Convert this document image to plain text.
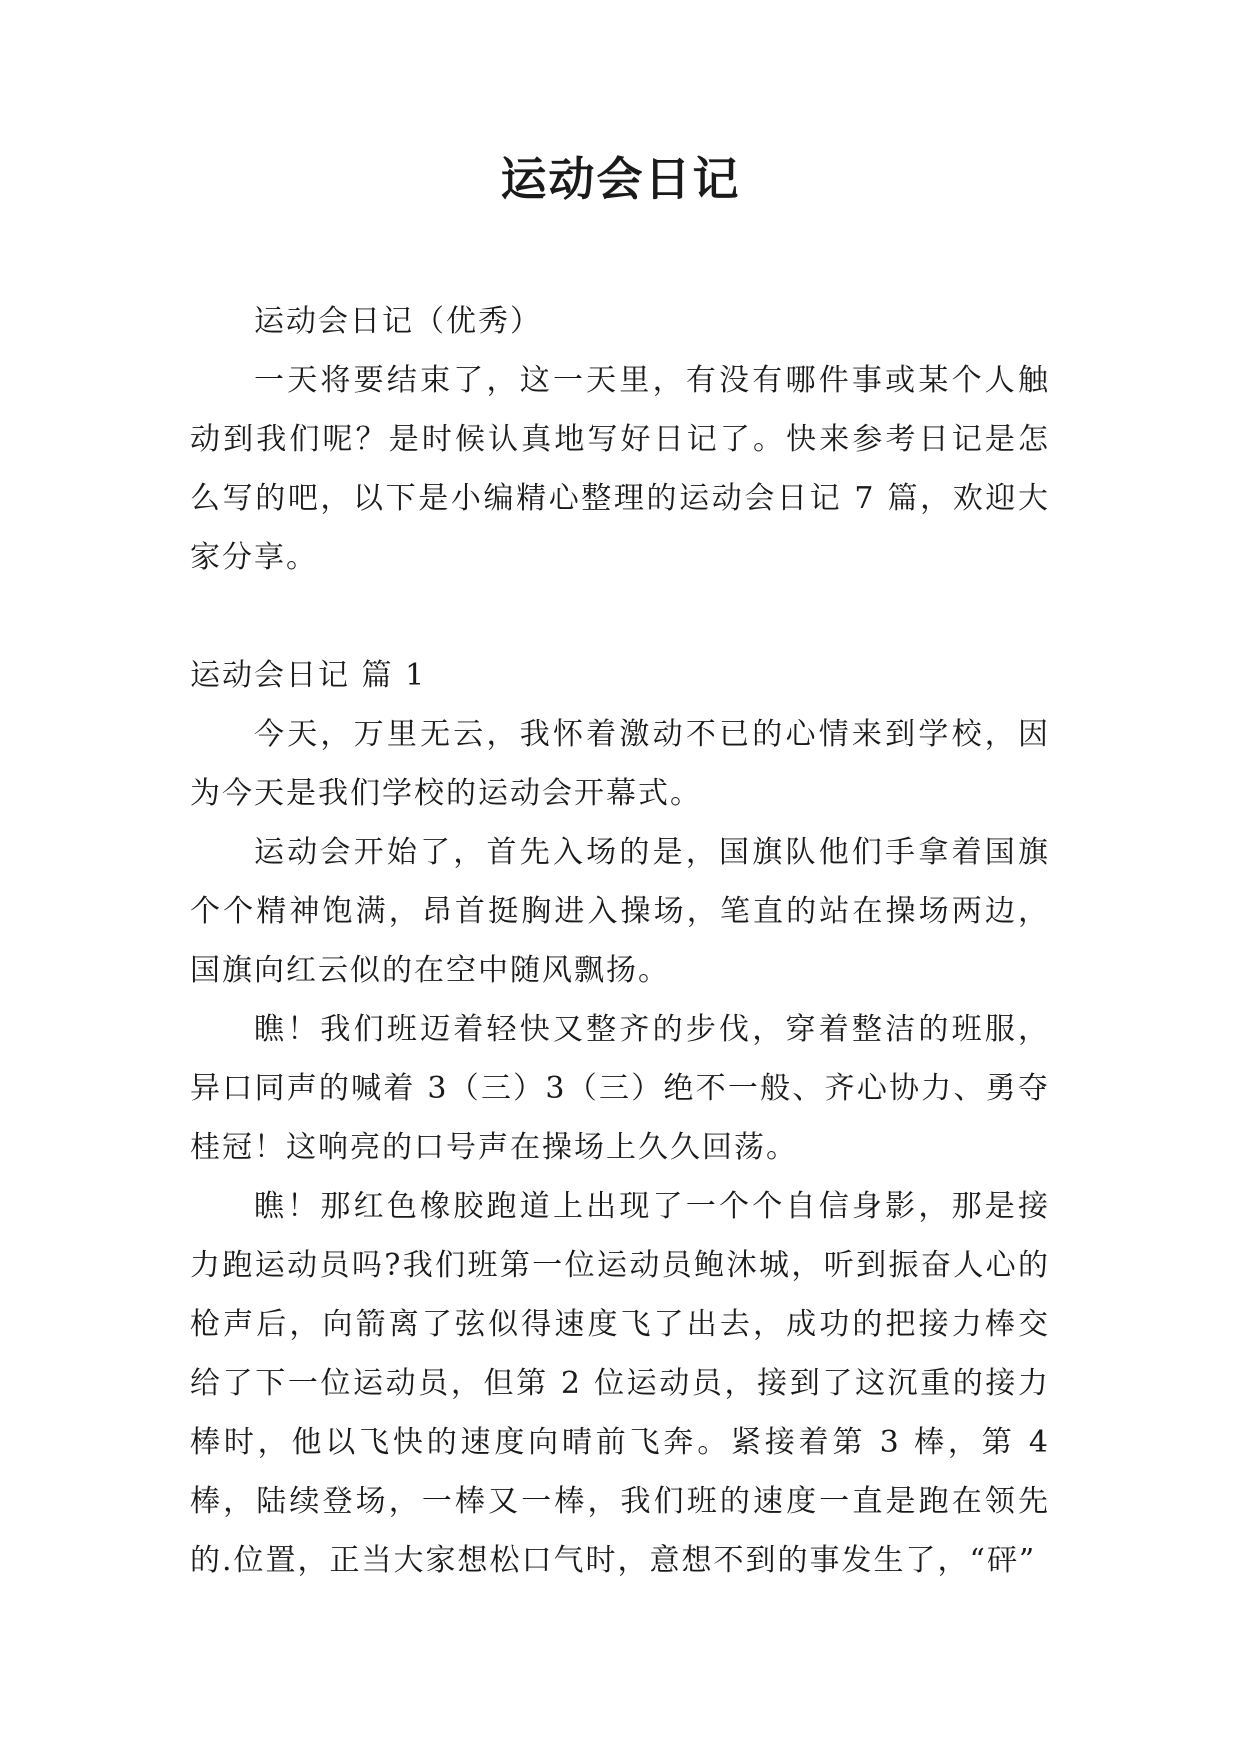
运动会日记

运动会日记（优秀）

一天将要结束了，这一天里，有没有哪件事或某个人触动到我们呢？是时候认真地写好日记了。快来参考日记是怎么写的吧，以下是小编精心整理的运动会日记 7 篇，欢迎大家分享。

运动会日记 篇 1

今天，万里无云，我怀着激动不已的心情来到学校，因为今天是我们学校的运动会开幕式。

运动会开始了，首先入场的是，国旗队他们手拿着国旗个个精神饱满，昂首挺胸进入操场，笔直的站在操场两边，国旗向红云似的在空中随风飘扬。

瞧！我们班迈着轻快又整齐的步伐，穿着整洁的班服，异口同声的喊着 3（三）3（三）绝不一般、齐心协力、勇夺桂冠！这响亮的口号声在操场上久久回荡。

瞧！那红色橡胶跑道上出现了一个个自信身影，那是接力跑运动员吗?我们班第一位运动员鲍沐城，听到振奋人心的枪声后，向箭离了弦似得速度飞了出去，成功的把接力棒交给了下一位运动员，但第 2 位运动员，接到了这沉重的接力棒时，他以飞快的速度向晴前飞奔。紧接着第 3 棒，第 4 棒，陆续登场，一棒又一棒，我们班的速度一直是跑在领先的.位置，正当大家想松口气时，意想不到的事发生了，“砰”
